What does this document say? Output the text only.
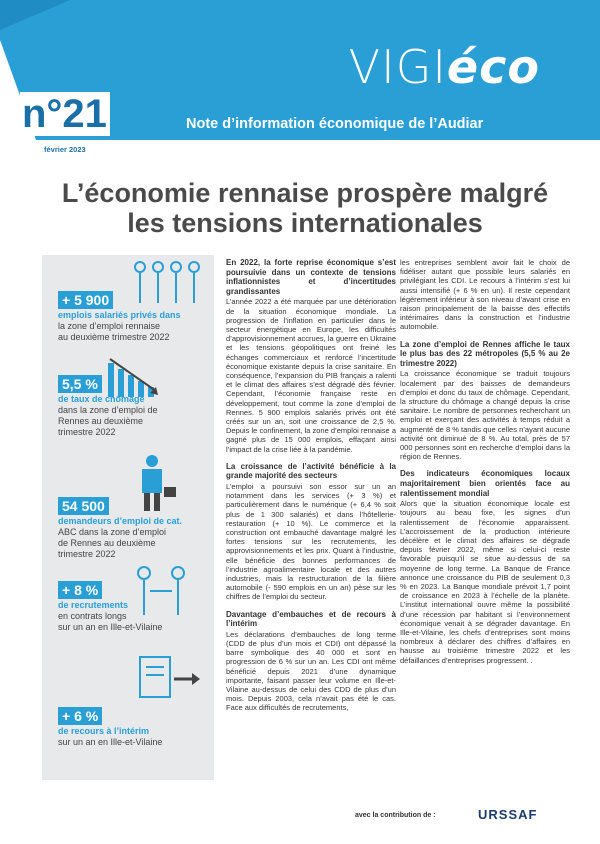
VIGIéco
Note d’information économique de l’Audiar
n°21
février 2023
L’économie rennaise prospère malgré
les tensions internationales
+ 5 900
emplois salariés privés dans
la zone d’emploi rennaise
au deuxième trimestre 2022
5,5 %
de taux de chômage
dans la zone d’emploi de
Rennes au deuxième
trimestre 2022
54 500
demandeurs d’emploi de cat.
ABC dans la zone d’emploi
de Rennes au deuxième
trimestre 2022
+ 8 %
de recrutements
en contrats longs
sur un an en Ille-et-Vilaine
+ 6 %
de recours à l’intérim
sur un an en Ille-et-Vilaine
En 2022, la forte reprise économique s’est poursuivie dans un contexte de tensions inflationnistes et d’incertitudes grandissantes

L’année 2022 a été marquée par une détérioration de la situation économique mondiale. La progression de l’inflation en particulier dans le secteur énergétique en Europe, les difficultés d’approvisionnement accrues, la guerre en Ukraine et les tensions géopolitiques ont freiné les échanges commerciaux et renforcé l’incertitude économique existante depuis la crise sanitaire. En conséquence, l’expansion du PIB français a ralenti et le climat des affaires s’est dégradé dès février. Cependant, l’économie française reste en développement, tout comme la zone d’emploi de Rennes. 5 900 emplois salariés privés ont été créés sur un an, soit une croissance de 2,5 %. Depuis le confinement, la zone d’emploi rennaise a gagné plus de 15 000 emplois, effaçant ainsi l’impact de la crise liée à la pandémie.

La croissance de l’activité bénéficie à la grande majorité des secteurs

L’emploi a poursuivi son essor sur un an notamment dans les services (+ 3 %) et particulièrement dans le numérique (+ 6,4 % soit plus de 1 300 salariés) et dans l’hôtellerie-restauration (+ 10 %). Le commerce et la construction ont embauché davantage malgré les fortes tensions sur les recrutements, les approvisionnements et les prix. Quant à l’industrie, elle bénéficie des bonnes performances de l’industrie agroalimentaire locale et des autres industries, mais la restructuration de la filière automobile (- 590 emplois en un an) pèse sur les chiffres de l’emploi du secteur.

Davantage d’embauches et de recours à l’intérim

Les déclarations d’embauches de long terme (CDD de plus d’un mois et CDI) ont dépassé la barre symbolique des 40 000 et sont en progression de 6 % sur un an. Les CDI ont même bénéficié depuis 2021 d’une dynamique importante, faisant passer leur volume en Ille-et-Vilaine au-dessus de celui des CDD de plus d’un mois. Depuis 2003, cela n’avait pas été le cas. Face aux difficultés de recrutements,

les entreprises semblent avoir fait le choix de fidéliser autant que possible leurs salariés en privilégiant les CDI. Le recours à l’intérim s’est lui aussi intensifié (+ 6 % en un). Il reste cependant légèrement inférieur à son niveau d’avant crise en raison principalement de la baisse des effectifs intérimaires dans la construction et l’industrie automobile.

La zone d’emploi de Rennes affiche le taux le plus bas des 22 métropoles (5,5 % au 2e trimestre 2022)

La croissance économique se traduit toujours localement par des baisses de demandeurs d’emploi et donc du taux de chômage. Cependant, la structure du chômage a changé depuis la crise sanitaire. Le nombre de personnes recherchant un emploi et exerçant des activités à temps réduit a augmenté de 8 % tandis que celles n’ayant aucune activité ont diminué de 8 %. Au total, près de 57 000 personnes sont en recherche d’emploi dans la région de Rennes.

Des indicateurs économiques locaux majoritairement bien orientés face au ralentissement mondial

Alors que la situation économique locale est toujours au beau fixe, les signes d’un ralentissement de l’économie apparaissent. L’accroissement de la production intérieure décélère et le climat des affaires se dégrade depuis février 2022, même si celui-ci reste favorable puisqu’il se situe au-dessus de sa moyenne de long terme. La Banque de France annonce une croissance du PIB de seulement 0,3 % en 2023. La Banque mondiale prévoit 1,7 point de croissance en 2023 à l’échelle de la planète. L’institut international ouvre même la possibilité d’une récession par habitant si l’environnement économique venait à se dégrader davantage. En Ille-et-Vilaine, les chefs d’entreprises sont moins nombreux à déclarer des chiffres d’affaires en hausse au troisième trimestre 2022 et les défaillances d’entreprises progressent. .

avec la contribution de :	URSSAF
